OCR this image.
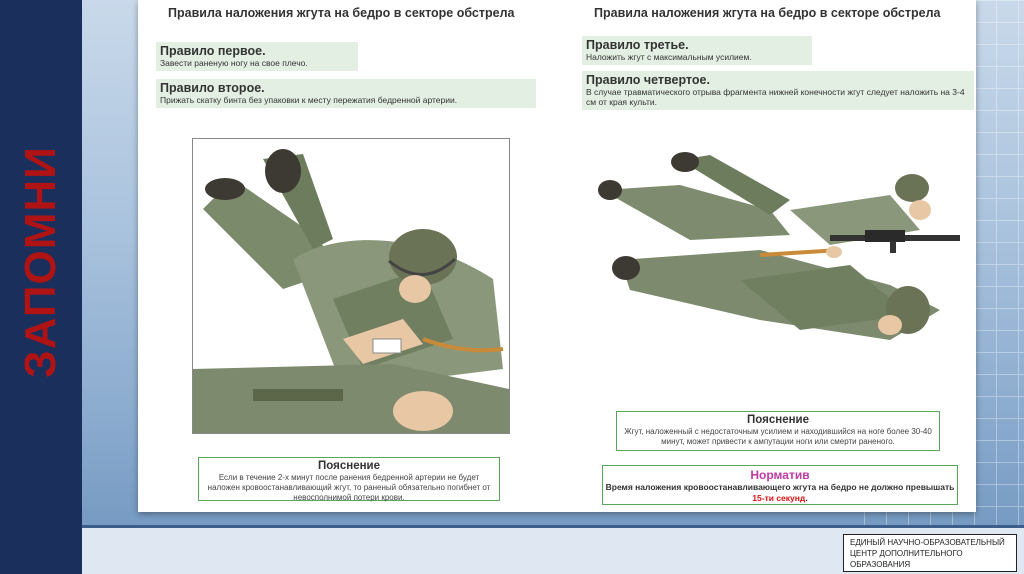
ЗАПОМНИ
Правила наложения жгута на бедро в секторе обстрела
Правило первое.
Завести раненую ногу на свое плечо.
Правило второе.
Прижать скатку бинта без упаковки к месту пережатия бедренной артерии.
Пояснение
Если в течение 2-х минут после ранения бедренной артерии не будет наложен кровоостанавливающий жгут, то раненый обязательно погибнет от невосполнимой потери крови.
Правила наложения жгута на бедро в секторе обстрела
Правило третье.
Наложить жгут с максимальным усилием.
Правило четвертое.
В случае травматического отрыва фрагмента нижней конечности жгут следует наложить на 3-4 см от края культи.
Пояснение
Жгут, наложенный с недостаточным усилием и находившийся на ноге более 30-40 минут, может привести к ампутации ноги или смерти раненого.
Норматив
Время наложения кровоостанавливающего жгута на бедро не должно превышать 15-ти секунд.
ЕДИНЫЙ НАУЧНО-ОБРАЗОВАТЕЛЬНЫЙ ЦЕНТР ДОПОЛНИТЕЛЬНОГО ОБРАЗОВАНИЯ
